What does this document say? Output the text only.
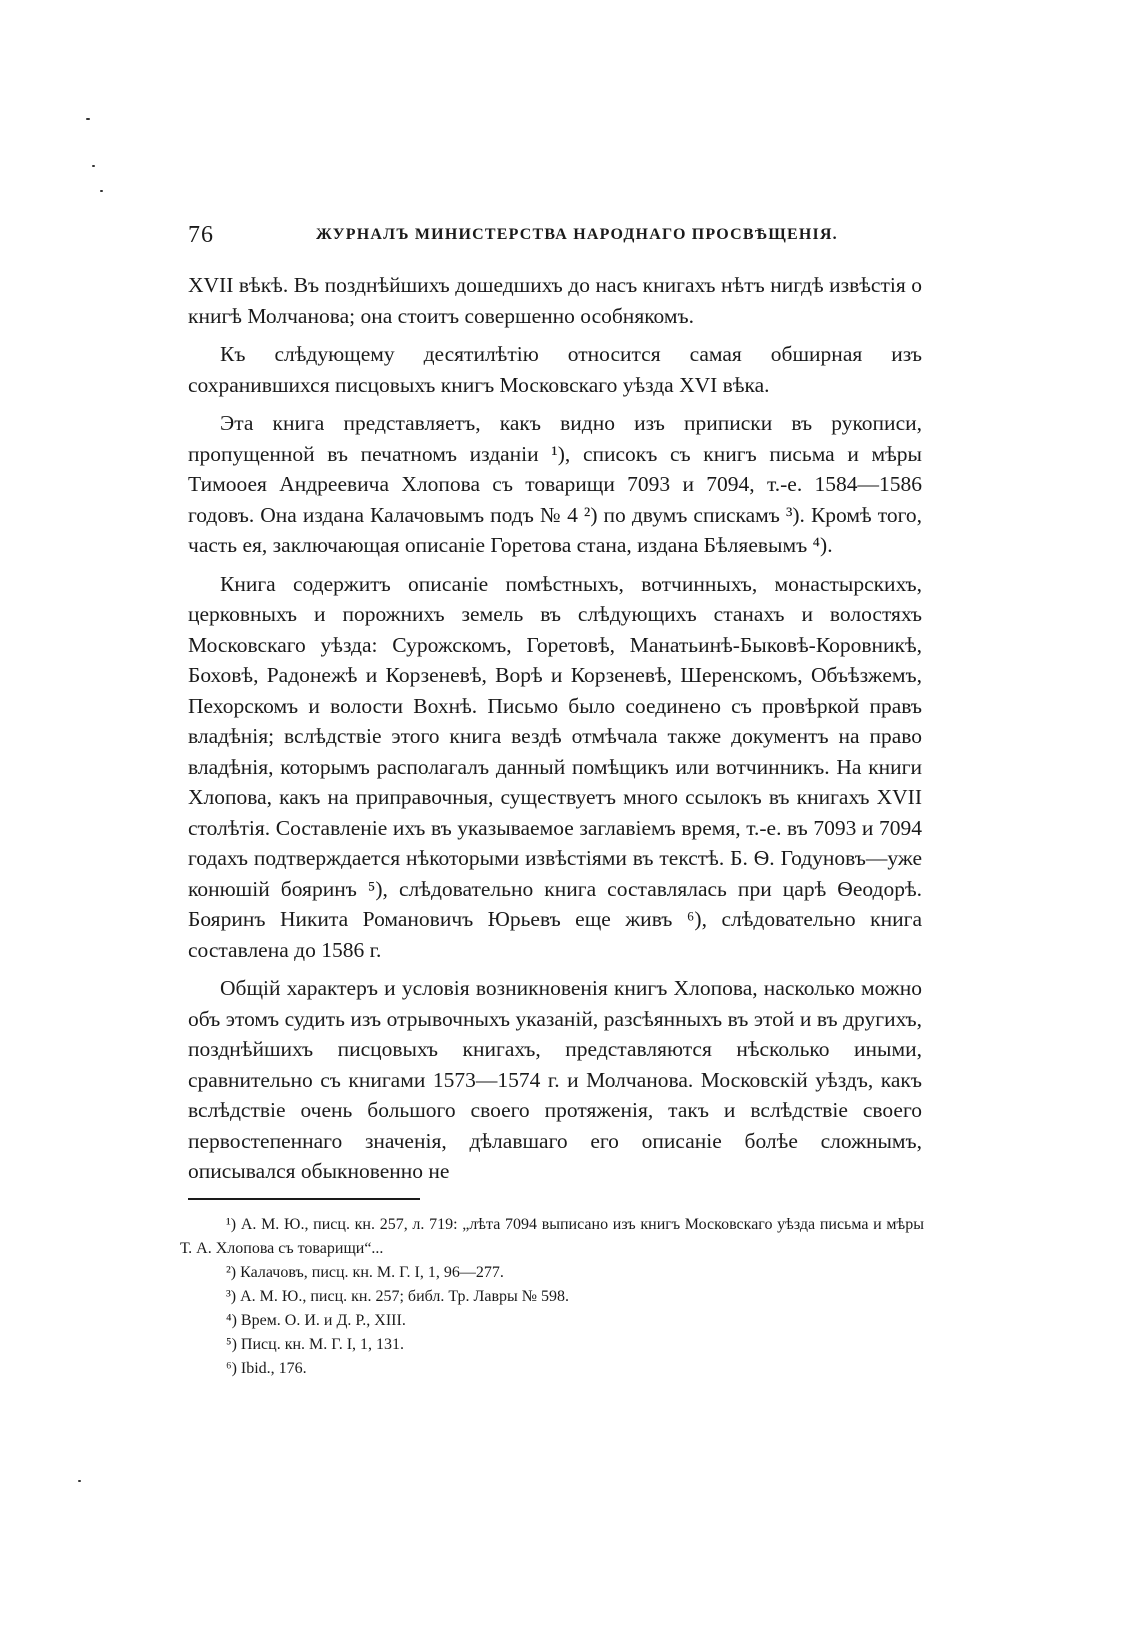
76	ЖУРНАЛЪ МИНИСТЕРСТВА НАРОДНАГО ПРОСВѢЩЕНІЯ.

XVII вѣкѣ. Въ позднѣйшихъ дошедшихъ до насъ книгахъ нѣтъ нигдѣ извѣстія о книгѣ Молчанова; она стоитъ совершенно особнякомъ.

Къ слѣдующему десятилѣтію относится самая обширная изъ сохранившихся писцовыхъ книгъ Московскаго уѣзда XVI вѣка.

Эта книга представляетъ, какъ видно изъ приписки въ рукописи, пропущенной въ печатномъ изданіи ¹), списокъ съ книгъ письма и мѣры Тимооея Андреевича Хлопова съ товарищи 7093 и 7094, т.-е. 1584—1586 годовъ. Она издана Калачовымъ подъ № 4 ²) по двумъ спискамъ ³). Кромѣ того, часть ея, заключающая описаніе Горетова стана, издана Бѣляевымъ ⁴).

Книга содержитъ описаніе помѣстныхъ, вотчинныхъ, монастырскихъ, церковныхъ и порожнихъ земель въ слѣдующихъ станахъ и волостяхъ Московскаго уѣзда: Сурожскомъ, Горетовѣ, Манатьинѣ-Быковѣ-Коровникѣ, Боховѣ, Радонежѣ и Корзеневѣ, Ворѣ и Корзеневѣ, Шеренскомъ, Объѣзжемъ, Пехорскомъ и волости Вохнѣ. Письмо было соединено съ провѣркой правъ владѣнія; вслѣдствіе этого книга вездѣ отмѣчала также документъ на право владѣнія, которымъ располагалъ данный помѣщикъ или вотчинникъ. На книги Хлопова, какъ на приправочныя, существуетъ много ссылокъ въ книгахъ XVII столѣтія. Составленіе ихъ въ указываемое заглавіемъ время, т.-е. въ 7093 и 7094 годахъ подтверждается нѣкоторыми извѣстіями въ текстѣ. Б. Ѳ. Годуновъ—уже конюшій бояринъ ⁵), слѣдовательно книга составлялась при царѣ Ѳеодорѣ. Бояринъ Никита Романовичъ Юрьевъ еще живъ ⁶), слѣдовательно книга составлена до 1586 г.

Общій характеръ и условія возникновенія книгъ Хлопова, насколько можно объ этомъ судить изъ отрывочныхъ указаній, разсѣянныхъ въ этой и въ другихъ, позднѣйшихъ писцовыхъ книгахъ, представляются нѣсколько иными, сравнительно съ книгами 1573—1574 г. и Молчанова. Московскій уѣздъ, какъ вслѣдствіе очень большого своего протяженія, такъ и вслѣдствіе своего первостепеннаго значенія, дѣлавшаго его описаніе болѣе сложнымъ, описывался обыкновенно не

¹) А. М. Ю., писц. кн. 257, л. 719: „лѣта 7094 выписано изъ книгъ Московскаго уѣзда письма и мѣры Т. А. Хлопова съ товарищи“...

²) Калачовъ, писц. кн. М. Г. I, 1, 96—277.

³) А. М. Ю., писц. кн. 257; библ. Тр. Лавры № 598.

⁴) Врем. О. И. и Д. Р., XIII.

⁵) Писц. кн. М. Г. I, 1, 131.

⁶) Ibid., 176.
